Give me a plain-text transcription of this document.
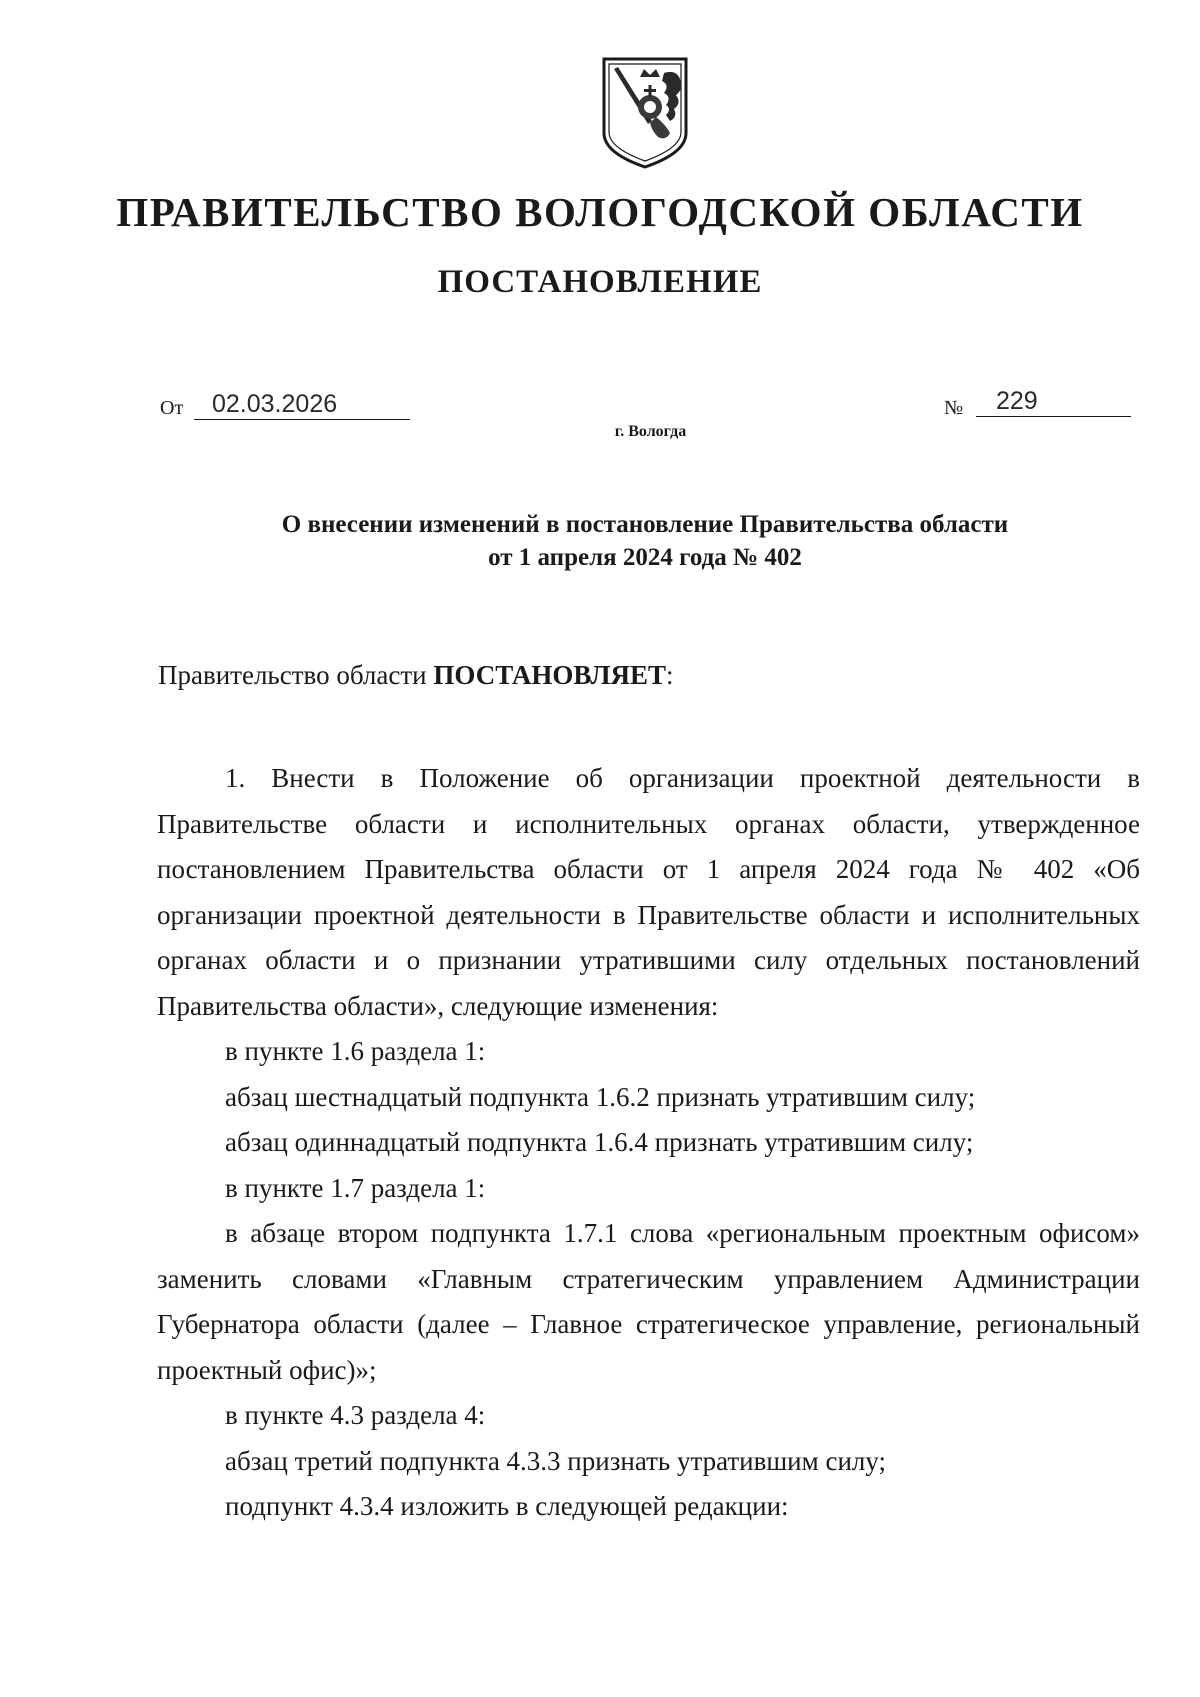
ПРАВИТЕЛЬСТВО ВОЛОГОДСКОЙ ОБЛАСТИ
ПОСТАНОВЛЕНИЕ
От 02.03.2026	№ 229
г. Вологда
О внесении изменений в постановление Правительства области
от 1 апреля 2024 года № 402
Правительство области ПОСТАНОВЛЯЕТ:

1. Внести в Положение об организации проектной деятельности в Правительстве области и исполнительных органах области, утвержденное постановлением Правительства области от 1 апреля 2024 года № 402 «Об организации проектной деятельности в Правительстве области и исполнительных органах области и о признании утратившими силу отдельных постановлений Правительства области», следующие изменения:

в пункте 1.6 раздела 1:

абзац шестнадцатый подпункта 1.6.2 признать утратившим силу;

абзац одиннадцатый подпункта 1.6.4 признать утратившим силу;

в пункте 1.7 раздела 1:

в абзаце втором подпункта 1.7.1 слова «региональным проектным офисом» заменить словами «Главным стратегическим управлением Администрации Губернатора области (далее – Главное стратегическое управление, региональный проектный офис)»;

в пункте 4.3 раздела 4:

абзац третий подпункта 4.3.3 признать утратившим силу;

подпункт 4.3.4 изложить в следующей редакции:
